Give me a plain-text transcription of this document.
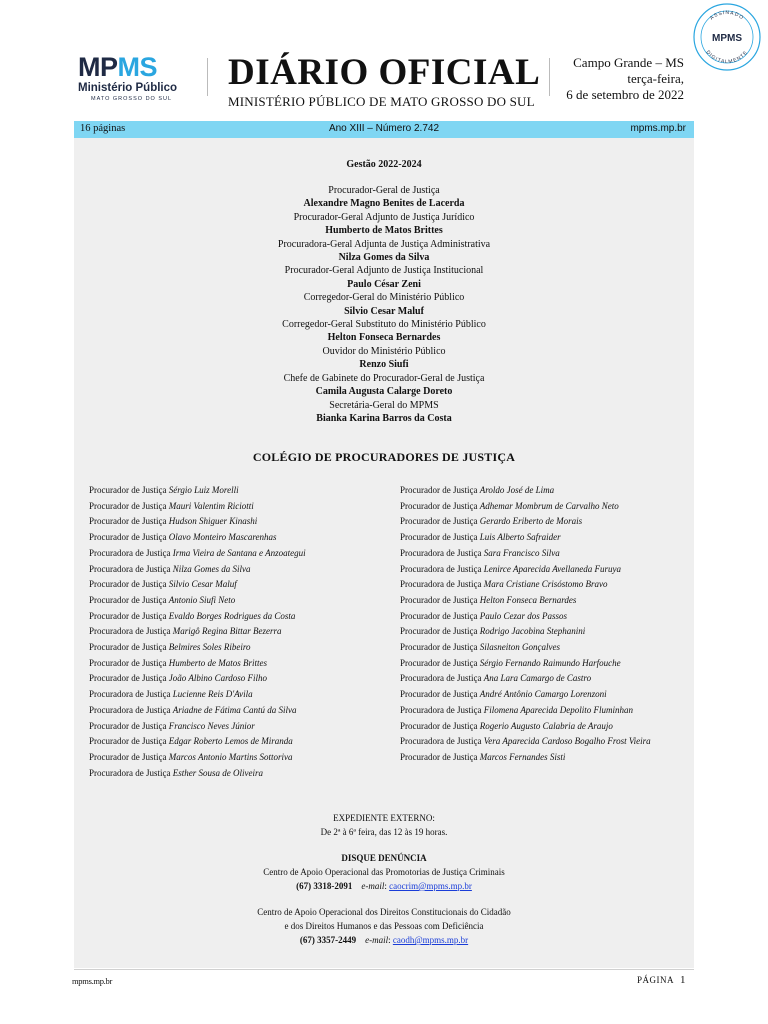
MPMS
Ministério Público
MATO GROSSO DO SUL
DIÁRIO OFICIAL
MINISTÉRIO PÚBLICO DE MATO GROSSO DO SUL
Campo Grande – MS
terça-feira,
6 de setembro de 2022
ASSINADO
DIGITALMENTE
MPMS
Ano XIII – Número 2.742
16 páginas	mpms.mp.br
Gestão 2022-2024
Procurador-Geral de Justiça
Alexandre Magno Benites de Lacerda
Procurador-Geral Adjunto de Justiça Jurídico
Humberto de Matos Brittes
Procuradora-Geral Adjunta de Justiça Administrativa
Nilza Gomes da Silva
Procurador-Geral Adjunto de Justiça Institucional
Paulo César Zeni
Corregedor-Geral do Ministério Público
Silvio Cesar Maluf
Corregedor-Geral Substituto do Ministério Público
Helton Fonseca Bernardes
Ouvidor do Ministério Público
Renzo Siufi
Chefe de Gabinete do Procurador-Geral de Justiça
Camila Augusta Calarge Doreto
Secretária-Geral do MPMS
Bianka Karina Barros da Costa
COLÉGIO DE PROCURADORES DE JUSTIÇA
Procurador de Justiça Sérgio Luiz Morelli
Procurador de Justiça Mauri Valentim Riciotti
Procurador de Justiça Hudson Shiguer Kinashi
Procurador de Justiça Olavo Monteiro Mascarenhas
Procuradora de Justiça Irma Vieira de Santana e Anzoategui
Procuradora de Justiça Nilza Gomes da Silva
Procurador de Justiça Silvio Cesar Maluf
Procurador de Justiça Antonio Siufi Neto
Procurador de Justiça Evaldo Borges Rodrigues da Costa
Procuradora de Justiça Marigô Regina Bittar Bezerra
Procurador de Justiça Belmires Soles Ribeiro
Procurador de Justiça Humberto de Matos Brittes
Procurador de Justiça João Albino Cardoso Filho
Procuradora de Justiça Lucienne Reis D'Avila
Procuradora de Justiça Ariadne de Fátima Cantú da Silva
Procurador de Justiça Francisco Neves Júnior
Procurador de Justiça Edgar Roberto Lemos de Miranda
Procurador de Justiça Marcos Antonio Martins Sottoriva
Procuradora de Justiça Esther Sousa de Oliveira
Procurador de Justiça Aroldo José de Lima
Procurador de Justiça Adhemar Mombrum de Carvalho Neto
Procurador de Justiça Gerardo Eriberto de Morais
Procurador de Justiça Luis Alberto Safraider
Procuradora de Justiça Sara Francisco Silva
Procuradora de Justiça Lenirce Aparecida Avellaneda Furuya
Procuradora de Justiça Mara Cristiane Crisóstomo Bravo
Procurador de Justiça Helton Fonseca Bernardes
Procurador de Justiça Paulo Cezar dos Passos
Procurador de Justiça Rodrigo Jacobina Stephanini
Procurador de Justiça Silasneiton Gonçalves
Procurador de Justiça Sérgio Fernando Raimundo Harfouche
Procuradora de Justiça Ana Lara Camargo de Castro
Procurador de Justiça André Antônio Camargo Lorenzoni
Procuradora de Justiça Filomena Aparecida Depolito Fluminhan
Procurador de Justiça Rogerio Augusto Calabria de Araujo
Procuradora de Justiça Vera Aparecida Cardoso Bogalho Frost Vieira
Procurador de Justiça Marcos Fernandes Sisti
EXPEDIENTE EXTERNO:
De 2ª à 6ª feira, das 12 às 19 horas.
DISQUE DENÚNCIA
Centro de Apoio Operacional das Promotorias de Justiça Criminais
(67) 3318-2091 e-mail: caocrim@mpms.mp.br
Centro de Apoio Operacional dos Direitos Constitucionais do Cidadão
e dos Direitos Humanos e das Pessoas com Deficiência
(67) 3357-2449 e-mail: caodh@mpms.mp.br
mpms.mp.br	PÁGINA 1
